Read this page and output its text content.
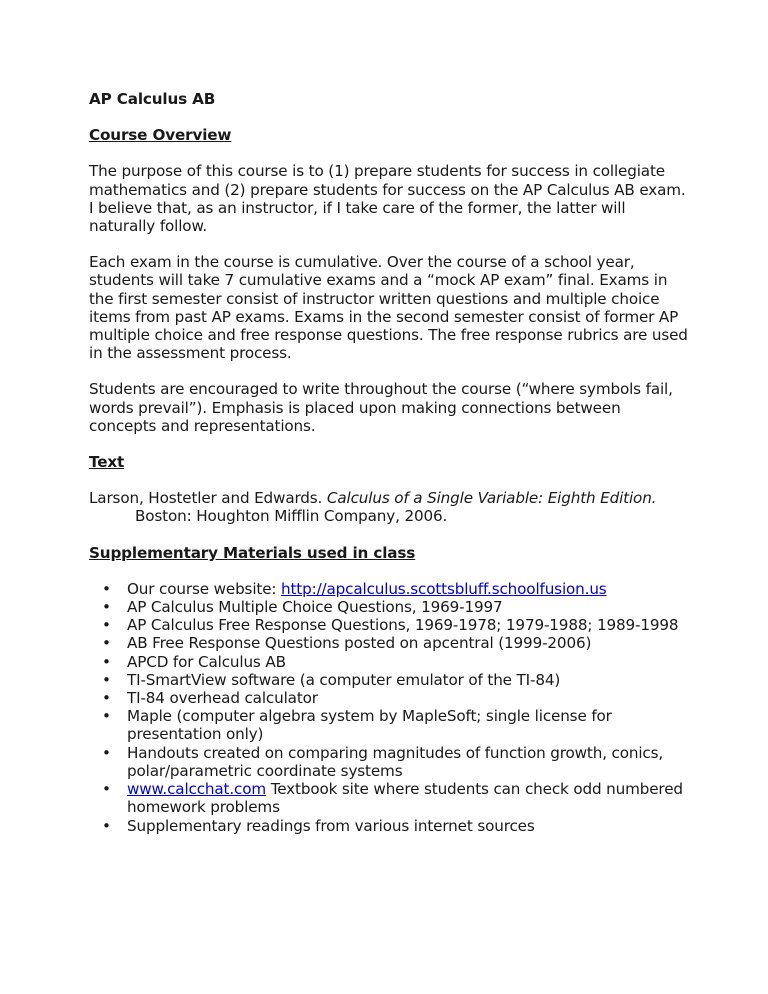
AP Calculus AB
Course Overview

The purpose of this course is to (1) prepare students for success in collegiate mathematics and (2) prepare students for success on the AP Calculus AB exam. I believe that, as an instructor, if I take care of the former, the latter will naturally follow.

Each exam in the course is cumulative. Over the course of a school year, students will take 7 cumulative exams and a “mock AP exam” final. Exams in the first semester consist of instructor written questions and multiple choice items from past AP exams. Exams in the second semester consist of former AP multiple choice and free response questions. The free response rubrics are used in the assessment process.

Students are encouraged to write throughout the course (“where symbols fail, words prevail”). Emphasis is placed upon making connections between concepts and representations.

Text
Larson, Hostetler and Edwards. Calculus of a Single Variable: Eighth Edition. Boston: Houghton Mifflin Company, 2006.
Supplementary Materials used in class
• Our course website: http://apcalculus.scottsbluff.schoolfusion.us
• AP Calculus Multiple Choice Questions, 1969-1997
• AP Calculus Free Response Questions, 1969-1978; 1979-1988; 1989-1998
• AB Free Response Questions posted on apcentral (1999-2006)
• APCD for Calculus AB
• TI-SmartView software (a computer emulator of the TI-84)
• TI-84 overhead calculator
• Maple (computer algebra system by MapleSoft; single license for presentation only)
• Handouts created on comparing magnitudes of function growth, conics, polar/parametric coordinate systems
• www.calcchat.com Textbook site where students can check odd numbered homework problems
• Supplementary readings from various internet sources
